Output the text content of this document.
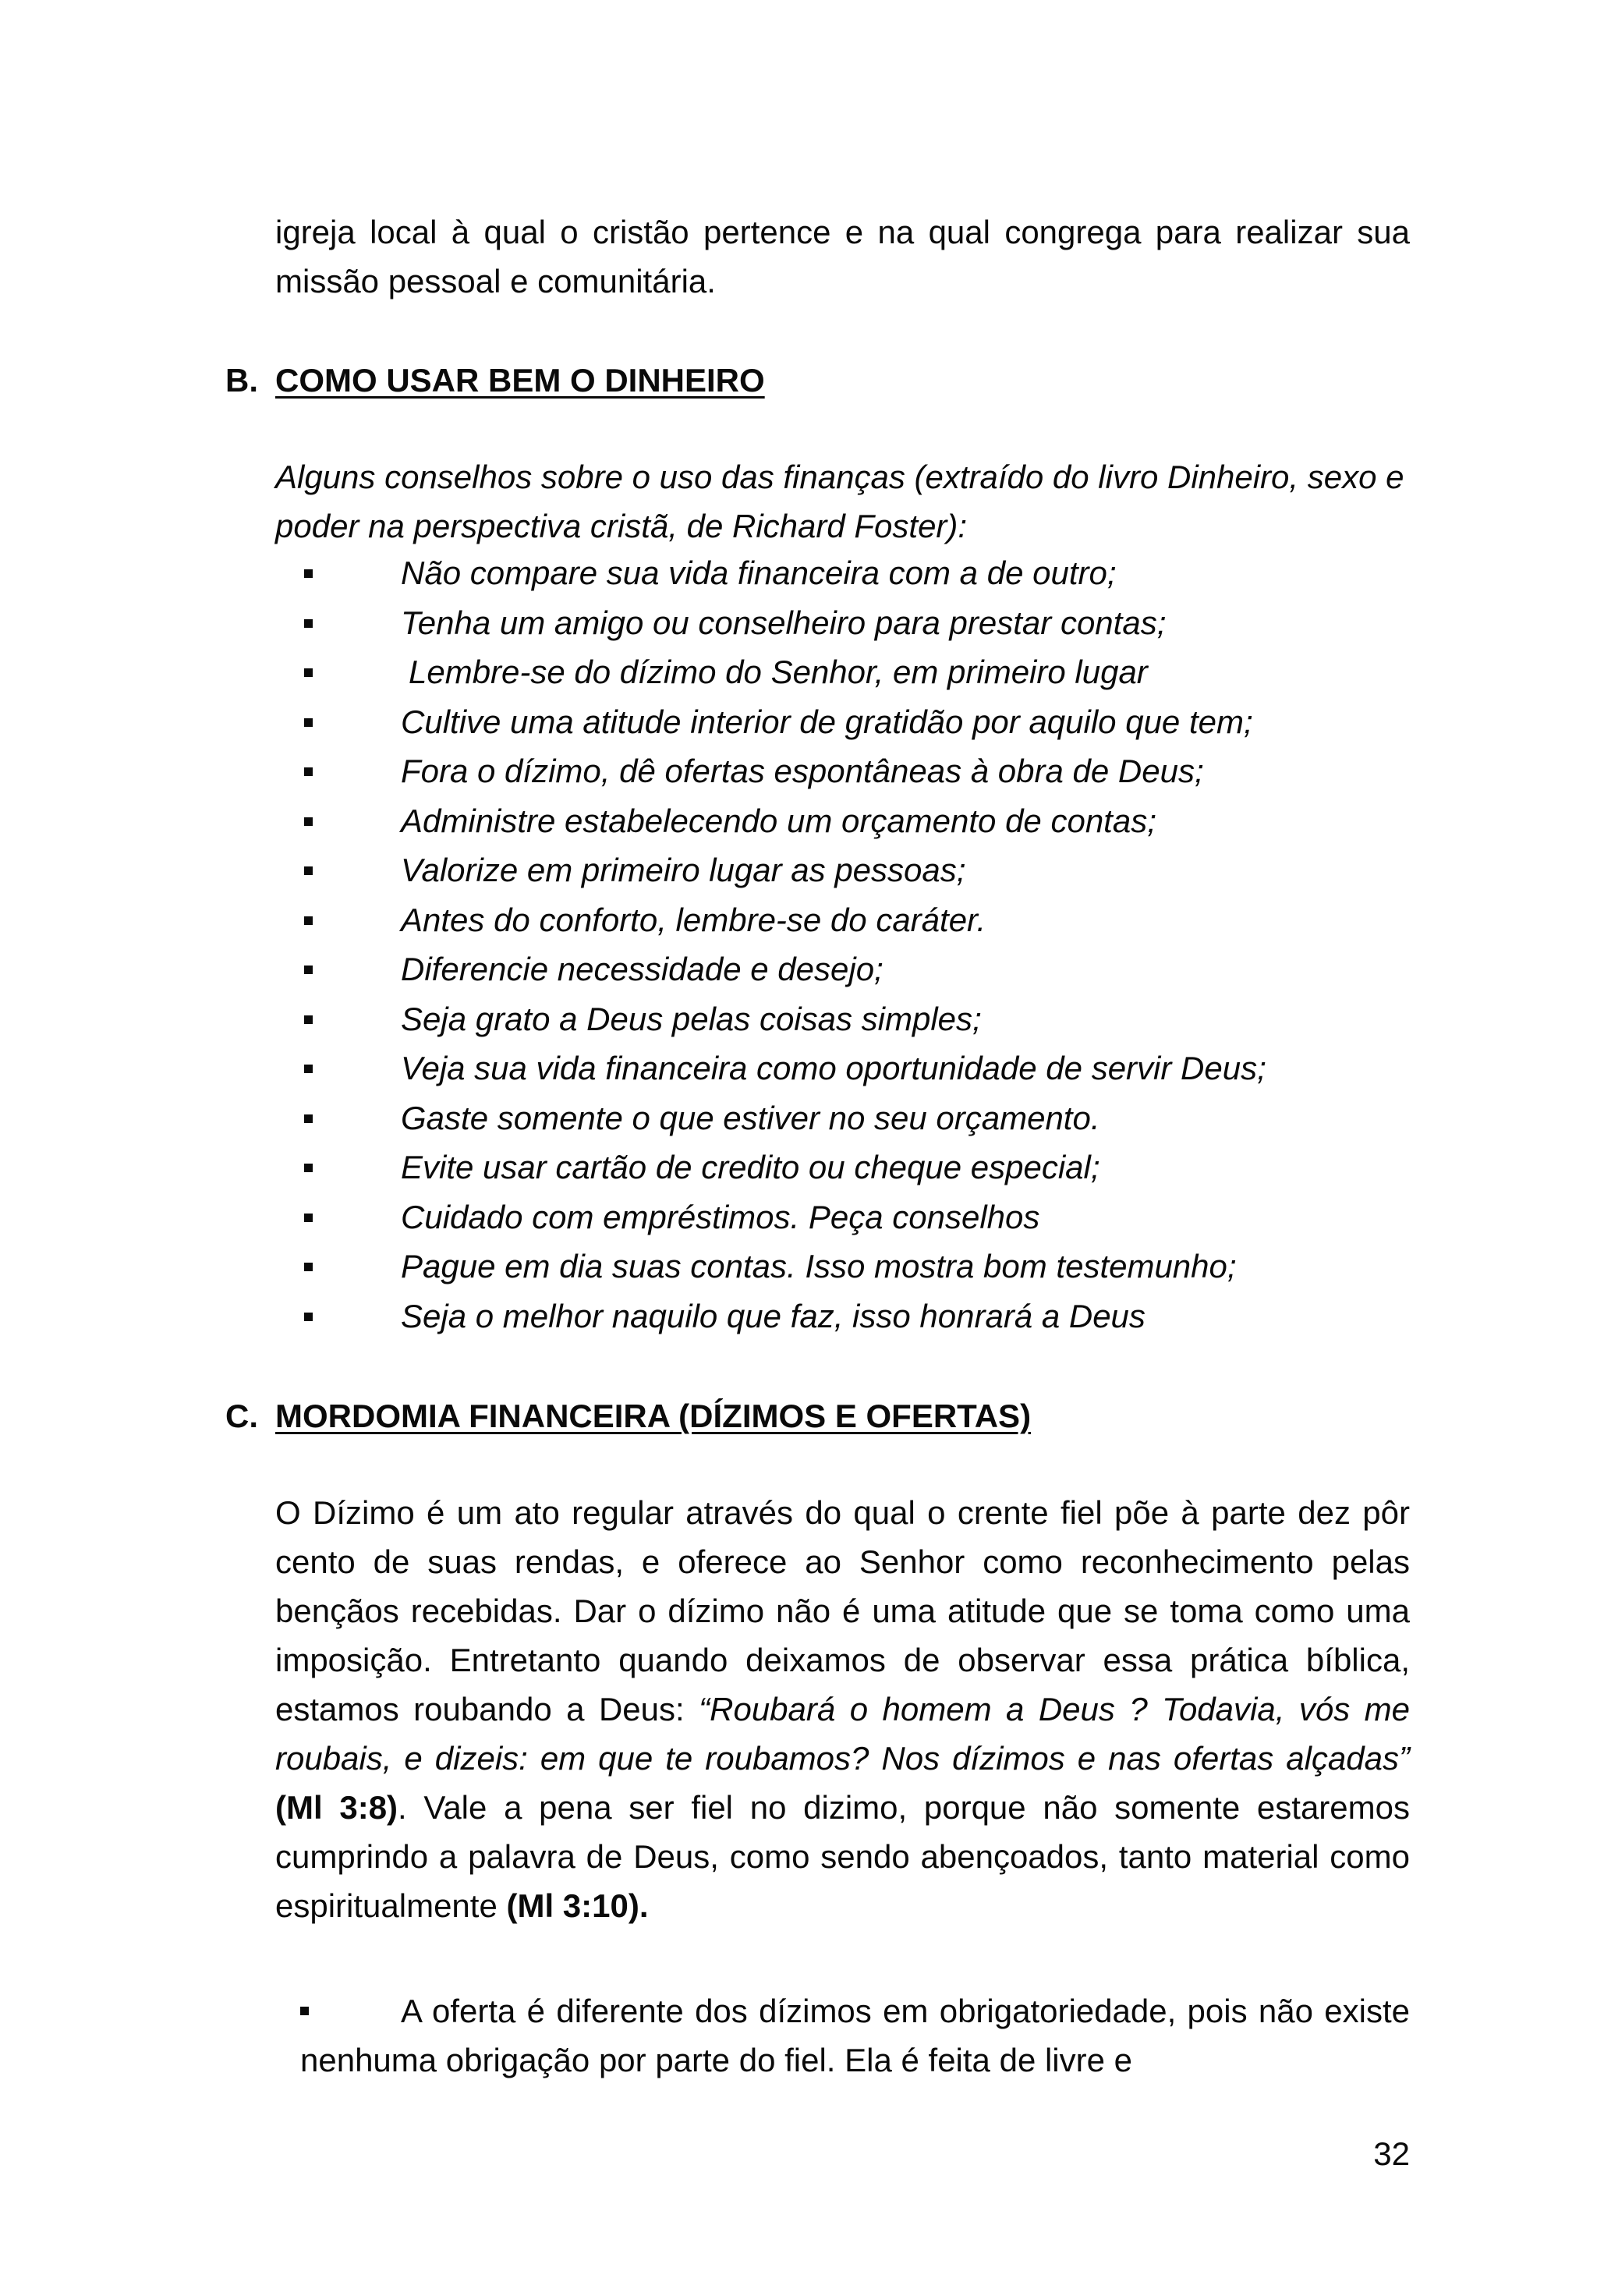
igreja local à qual o cristão pertence e na qual congrega para realizar sua missão pessoal e comunitária.

B. COMO USAR BEM O DINHEIRO

Alguns conselhos sobre o uso das finanças (extraído do livro Dinheiro, sexo e poder na perspectiva cristã, de Richard Foster):

Não compare sua vida financeira com a de outro;
Tenha um amigo ou conselheiro para prestar contas;
Lembre-se do dízimo do Senhor, em primeiro lugar
Cultive uma atitude interior de gratidão por aquilo que tem;
Fora o dízimo, dê ofertas espontâneas à obra de Deus;
Administre estabelecendo um orçamento de contas;
Valorize em primeiro lugar as pessoas;
Antes do conforto, lembre-se do caráter.
Diferencie necessidade e desejo;
Seja grato a Deus pelas coisas simples;
Veja sua vida financeira como oportunidade de servir Deus;
Gaste somente o que estiver no seu orçamento.
Evite usar cartão de credito ou cheque especial;
Cuidado com empréstimos. Peça conselhos
Pague em dia suas contas. Isso mostra bom testemunho;
Seja o melhor naquilo que faz, isso honrará a Deus
C. MORDOMIA FINANCEIRA (DÍZIMOS E OFERTAS)

O Dízimo é um ato regular através do qual o crente fiel põe à parte dez pôr cento de suas rendas, e oferece ao Senhor como reconhecimento pelas bençãos recebidas. Dar o dízimo não é uma atitude que se toma como uma imposição. Entretanto quando deixamos de observar essa prática bíblica, estamos roubando a Deus: “Roubará o homem a Deus ? Todavia, vós me roubais, e dizeis: em que te roubamos? Nos dízimos e nas ofertas alçadas” (Ml 3:8). Vale a pena ser fiel no dizimo, porque não somente estaremos cumprindo a palavra de Deus, como sendo abençoados, tanto material como espiritualmente (Ml 3:10).

A oferta é diferente dos dízimos em obrigatoriedade, pois não existe nenhuma obrigação por parte do fiel. Ela é feita de livre e

32
